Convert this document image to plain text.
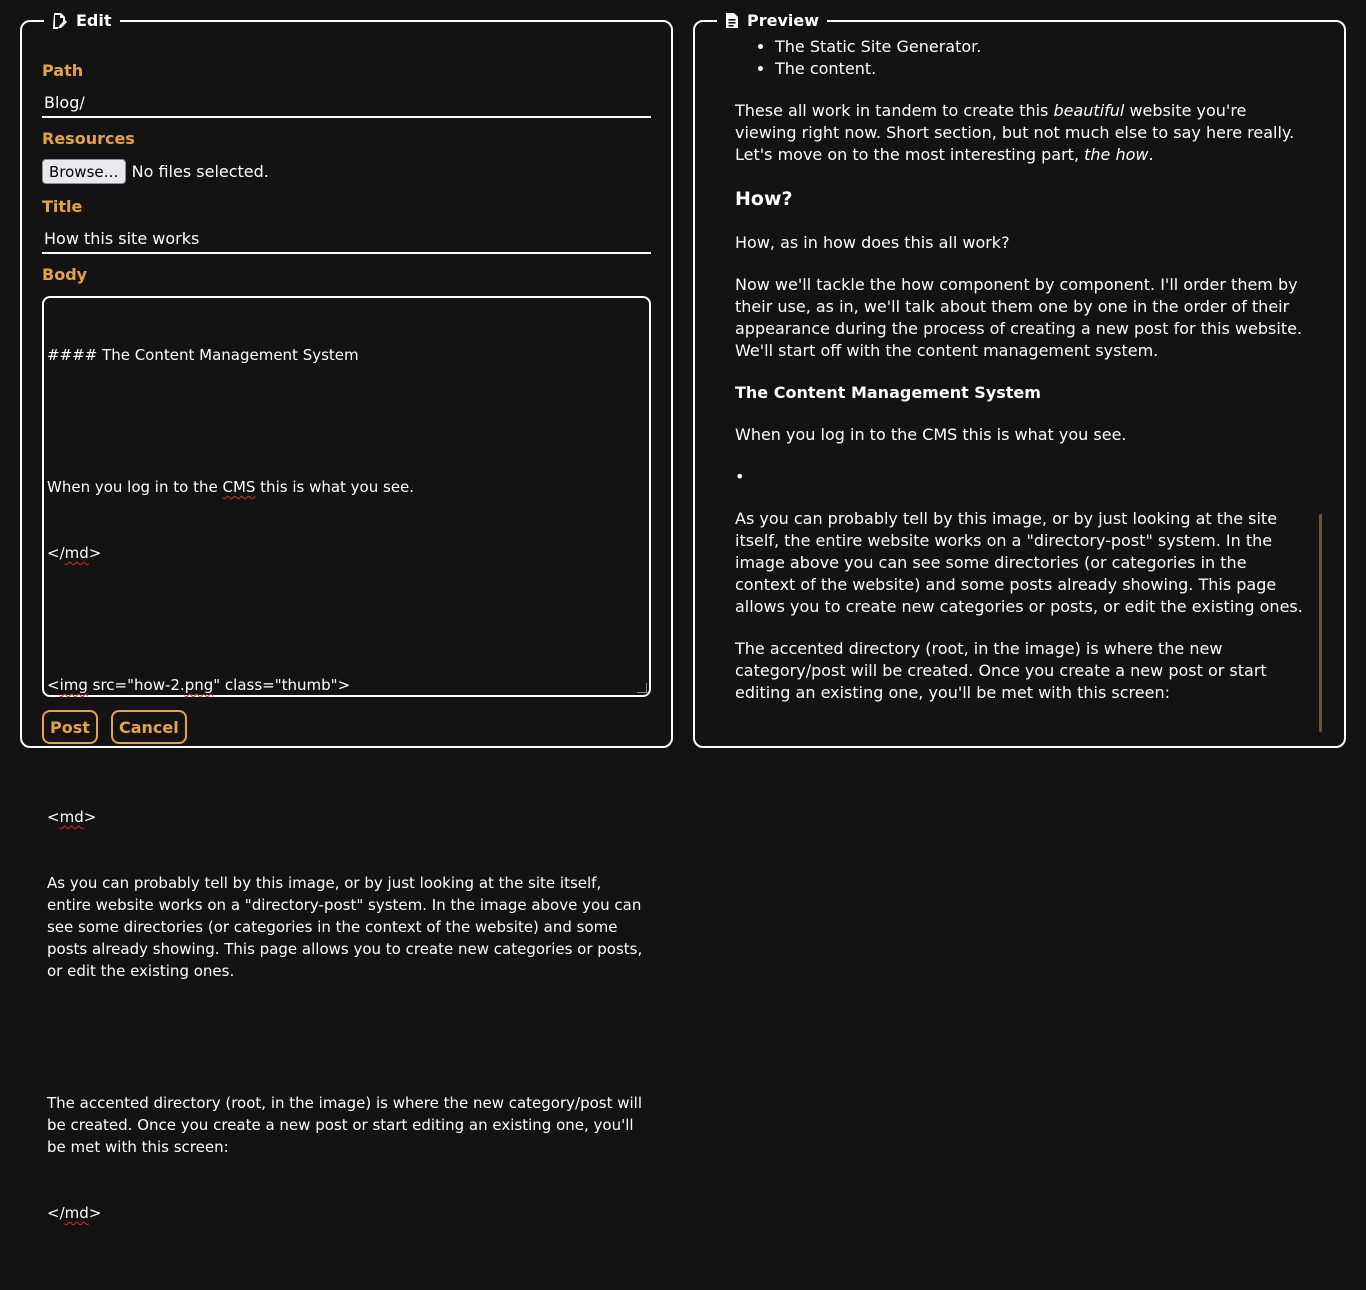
Edit
Path
Blog/
Resources
Browse… No files selected.
Title
How this site works
Body

#### The Content Management System

When you log in to the CMS this is what you see.

</md>

<img src="how-2.png" class="thumb">

<md>

As you can probably tell by this image, or by just looking at the site itself, entire website works on a "directory-post" system. In the image above you can see some directories (or categories in the context of the website) and some posts already showing. This page allows you to create new categories or posts, or edit the existing ones.

The accented directory (root, in the image) is where the new category/post will be created. Once you create a new post or start editing an existing one, you'll be met with this screen:

</md>

Post	Cancel
Preview
• The Static Site Generator.
• The content.

These all work in tandem to create this beautiful website you're viewing right now. Short section, but not much else to say here really. Let's move on to the most interesting part, the how.

How?

How, as in how does this all work?

Now we'll tackle the how component by component. I'll order them by their use, as in, we'll talk about them one by one in the order of their appearance during the process of creating a new post for this website. We'll start off with the content management system.

The Content Management System

When you log in to the CMS this is what you see.

•

As you can probably tell by this image, or by just looking at the site itself, the entire website works on a "directory-post" system. In the image above you can see some directories (or categories in the context of the website) and some posts already showing. This page allows you to create new categories or posts, or edit the existing ones.

The accented directory (root, in the image) is where the new category/post will be created. Once you create a new post or start editing an existing one, you'll be met with this screen:
